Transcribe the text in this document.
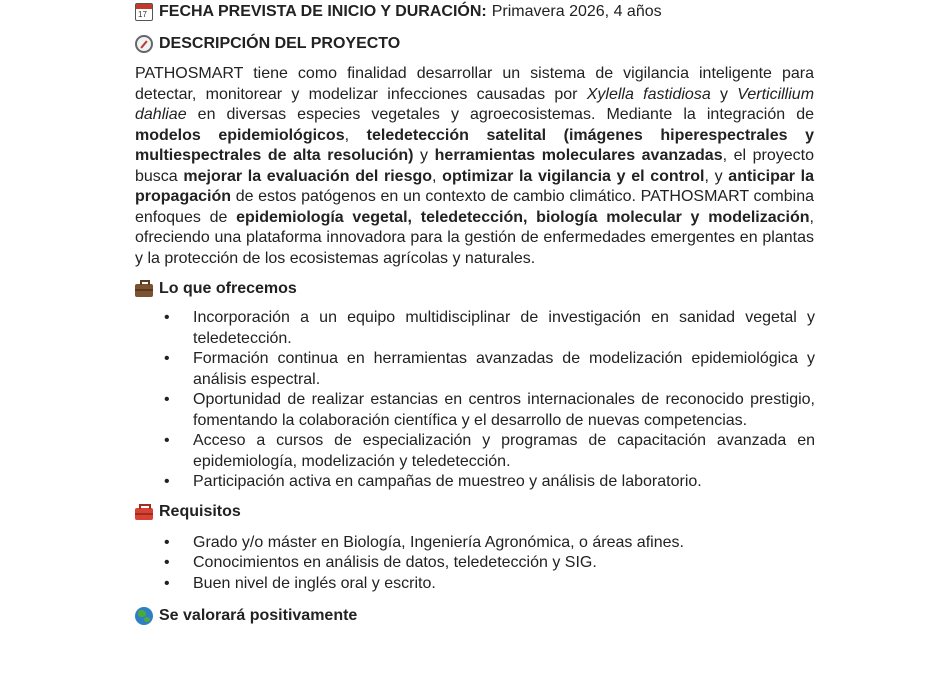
17 FECHA PREVISTA DE INICIO Y DURACIÓN: Primavera 2026, 4 años
DESCRIPCIÓN DEL PROYECTO
PATHOSMART tiene como finalidad desarrollar un sistema de vigilancia inteligente para detectar, monitorear y modelizar infecciones causadas por Xylella fastidiosa y Verticillium dahliae en diversas especies vegetales y agroecosistemas. Mediante la integración de modelos epidemiológicos, teledetección satelital (imágenes hiperespectrales y multiespectrales de alta resolución) y herramientas moleculares avanzadas, el proyecto busca mejorar la evaluación del riesgo, optimizar la vigilancia y el control, y anticipar la propagación de estos patógenos en un contexto de cambio climático. PATHOSMART combina enfoques de epidemiología vegetal, teledetección, biología molecular y modelización, ofreciendo una plataforma innovadora para la gestión de enfermedades emergentes en plantas y la protección de los ecosistemas agrícolas y naturales.
Lo que ofrecemos
• Incorporación a un equipo multidisciplinar de investigación en sanidad vegetal y teledetección.
• Formación continua en herramientas avanzadas de modelización epidemiológica y análisis espectral.
• Oportunidad de realizar estancias en centros internacionales de reconocido prestigio, fomentando la colaboración científica y el desarrollo de nuevas competencias.
• Acceso a cursos de especialización y programas de capacitación avanzada en epidemiología, modelización y teledetección.
• Participación activa en campañas de muestreo y análisis de laboratorio.
Requisitos
• Grado y/o máster en Biología, Ingeniería Agronómica, o áreas afines.
• Conocimientos en análisis de datos, teledetección y SIG.
• Buen nivel de inglés oral y escrito.
Se valorará positivamente
